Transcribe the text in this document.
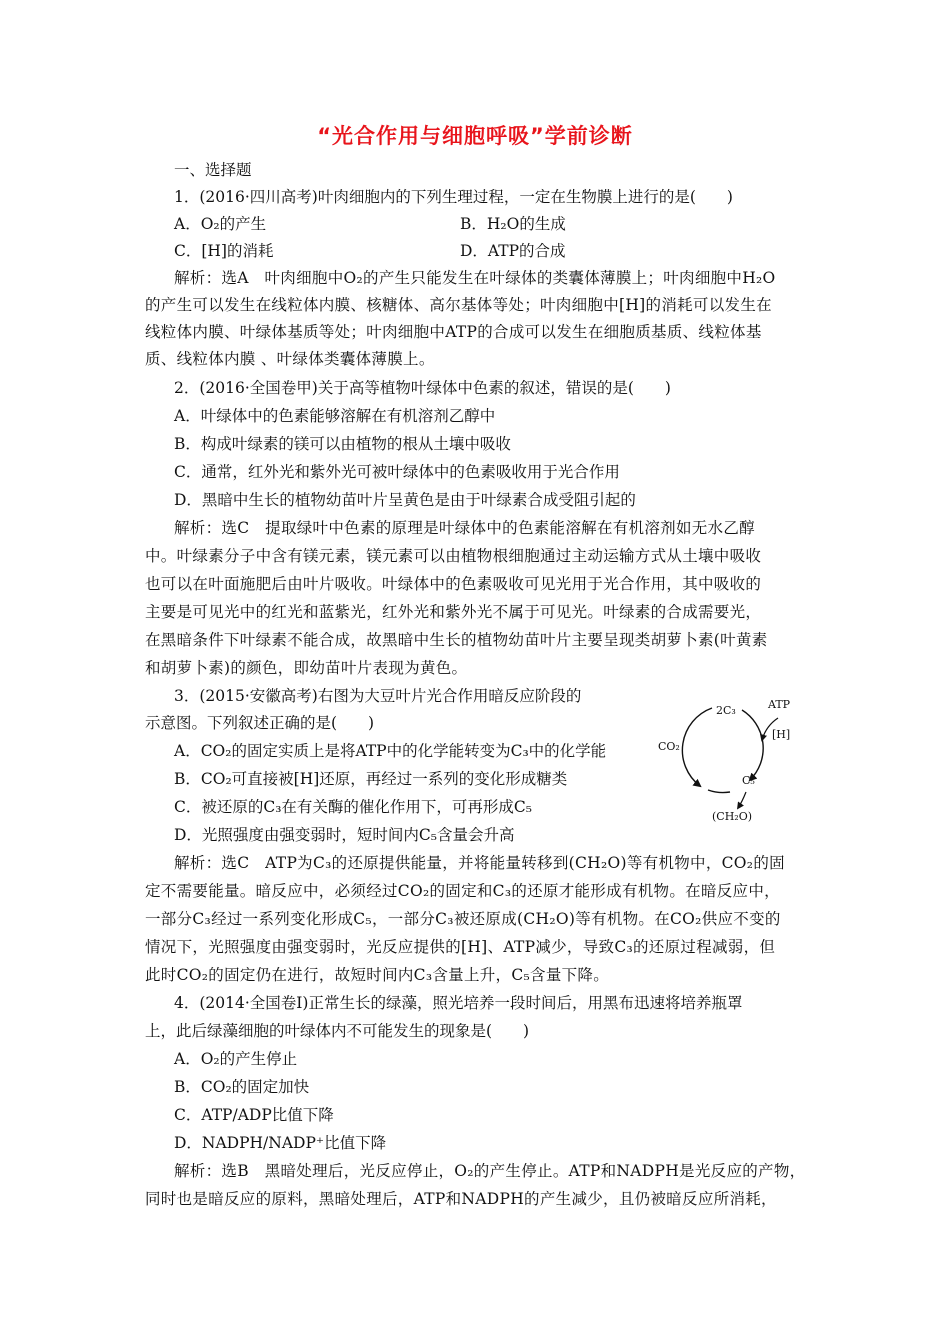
“光合作用与细胞呼吸”学前诊断
一、选择题
1．(2016·四川高考)叶肉细胞内的下列生理过程，一定在生物膜上进行的是(　　)
A．O₂的产生	B．H₂O的生成
C．[H]的消耗	D．ATP的合成
解析：选A　叶肉细胞中O₂的产生只能发生在叶绿体的类囊体薄膜上；叶肉细胞中H₂O
的产生可以发生在线粒体内膜、核糖体、高尔基体等处；叶肉细胞中[H]的消耗可以发生在
线粒体内膜、叶绿体基质等处；叶肉细胞中ATP的合成可以发生在细胞质基质、线粒体基
质、线粒体内膜 、叶绿体类囊体薄膜上。
2．(2016·全国卷甲)关于高等植物叶绿体中色素的叙述，错误的是(　　)
A．叶绿体中的色素能够溶解在有机溶剂乙醇中
B．构成叶绿素的镁可以由植物的根从土壤中吸收
C．通常，红外光和紫外光可被叶绿体中的色素吸收用于光合作用
D．黑暗中生长的植物幼苗叶片呈黄色是由于叶绿素合成受阻引起的
解析：选C　提取绿叶中色素的原理是叶绿体中的色素能溶解在有机溶剂如无水乙醇
中。叶绿素分子中含有镁元素，镁元素可以由植物根细胞通过主动运输方式从土壤中吸收
也可以在叶面施肥后由叶片吸收。叶绿体中的色素吸收可见光用于光合作用，其中吸收的
主要是可见光中的红光和蓝紫光，红外光和紫外光不属于可见光。叶绿素的合成需要光，
在黑暗条件下叶绿素不能合成，故黑暗中生长的植物幼苗叶片主要呈现类胡萝卜素(叶黄素
和胡萝卜素)的颜色，即幼苗叶片表现为黄色。
3．(2015·安徽高考)右图为大豆叶片光合作用暗反应阶段的
示意图。下列叙述正确的是(　　)
A．CO₂的固定实质上是将ATP中的化学能转变为C₃中的化学能
B．CO₂可直接被[H]还原，再经过一系列的变化形成糖类
C．被还原的C₃在有关酶的催化作用下，可再形成C₅
D．光照强度由强变弱时，短时间内C₅含量会升高
2C₃	ATP
[H]
CO₂
C₅
(CH₂O)
解析：选C　ATP为C₃的还原提供能量，并将能量转移到(CH₂O)等有机物中，CO₂的固
定不需要能量。暗反应中，必须经过CO₂的固定和C₃的还原才能形成有机物。在暗反应中，
一部分C₃经过一系列变化形成C₅，一部分C₃被还原成(CH₂O)等有机物。在CO₂供应不变的
情况下，光照强度由强变弱时，光反应提供的[H]、ATP减少，导致C₃的还原过程减弱，但
此时CO₂的固定仍在进行，故短时间内C₃含量上升，C₅含量下降。
4．(2014·全国卷Ⅰ)正常生长的绿藻，照光培养一段时间后，用黑布迅速将培养瓶罩
上，此后绿藻细胞的叶绿体内不可能发生的现象是(　　)
A．O₂的产生停止
B．CO₂的固定加快
C．ATP/ADP比值下降
D．NADPH/NADP⁺比值下降
解析：选B　黑暗处理后，光反应停止，O₂的产生停止。ATP和NADPH是光反应的产物，
同时也是暗反应的原料，黑暗处理后，ATP和NADPH的产生减少，且仍被暗反应所消耗，
